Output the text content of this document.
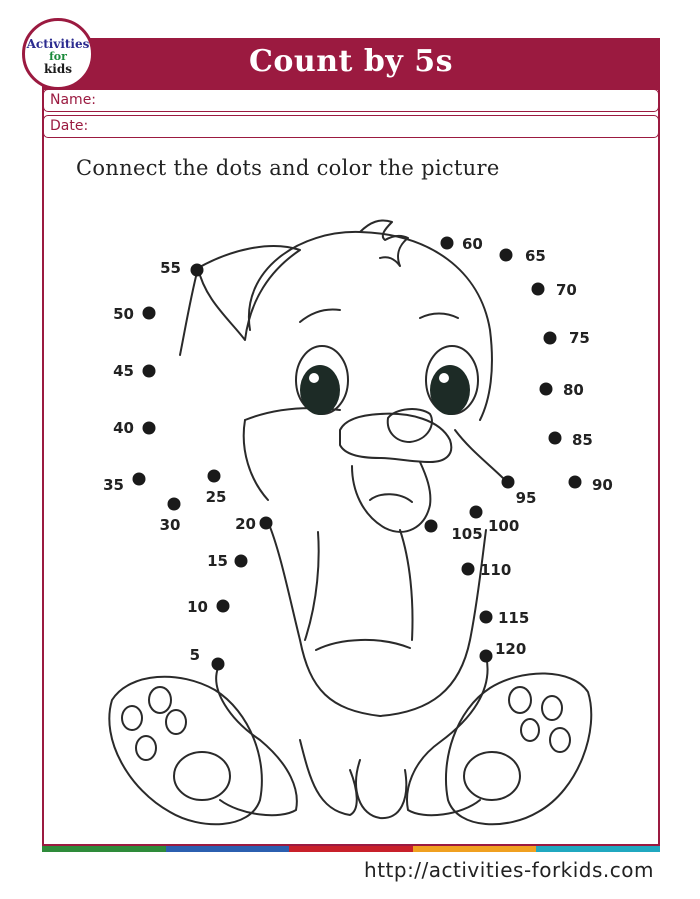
Count by 5s
Activities
for
kids
Name:
Date:
Connect the dots and color the picture
5
10
15
20
25
30
35
40
45
50
55
60
65
70
75
80
85
90
95
100
105
110
115
120
http://activities-forkids.com
